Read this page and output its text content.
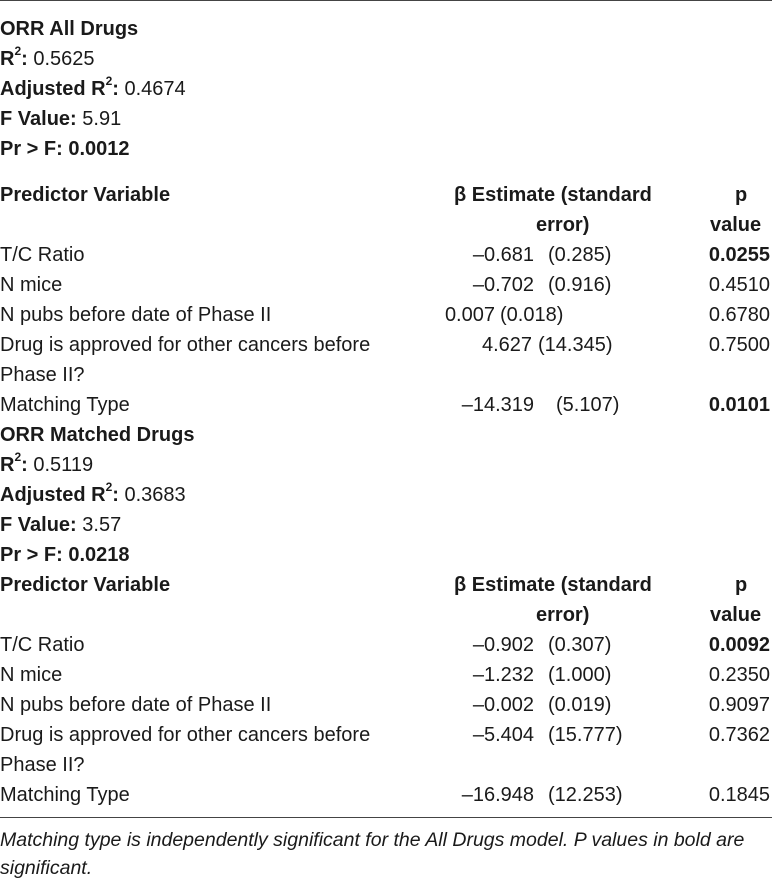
ORR All Drugs
$R^2$: 0.5625
Adjusted $R^2$: 0.4674
F Value: 5.91
Pr > F: 0.0012
Predictor Variable	β Estimate (standard
error)
p
value
T/C Ratio	–0.681 (0.285)	0.0255
N mice	–0.702 (0.916)	0.4510
N pubs before date of Phase II	0.007 (0.018)	0.6780
Drug is approved for other cancers before
Phase II?
4.627 (14.345)	0.7500
Matching Type	–14.319 (5.107)	0.0101
ORR Matched Drugs
$R^2$: 0.5119
Adjusted $R^2$: 0.3683
F Value: 3.57
Pr > F: 0.0218
Predictor Variable	β Estimate (standard
error)
p
value
T/C Ratio	–0.902 (0.307)	0.0092
N mice	–1.232 (1.000)	0.2350
N pubs before date of Phase II	–0.002 (0.019)	0.9097
Drug is approved for other cancers before
Phase II?
–5.404 (15.777)	0.7362
Matching Type	–16.948 (12.253)	0.1845
Matching type is independently significant for the All Drugs model. P values in bold are significant.
